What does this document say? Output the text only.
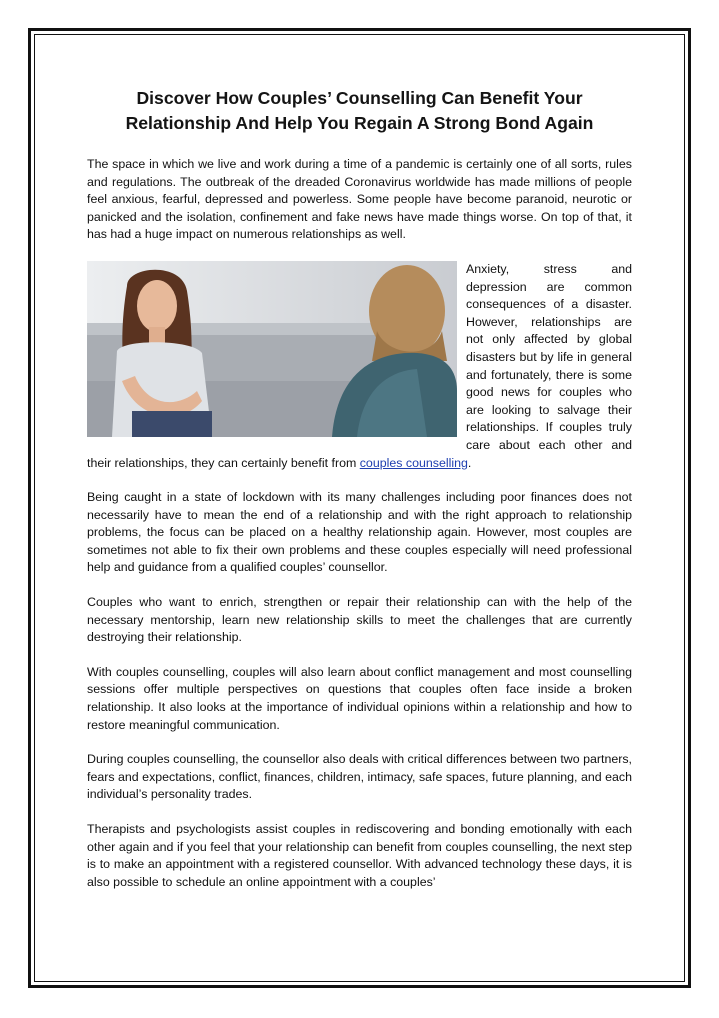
Discover How Couples’ Counselling Can Benefit Your
Relationship And Help You Regain A Strong Bond Again

The space in which we live and work during a time of a pandemic is certainly one of all sorts, rules and regulations. The outbreak of the dreaded Coronavirus worldwide has made millions of people feel anxious, fearful, depressed and powerless. Some people have become paranoid, neurotic or panicked and the isolation, confinement and fake news have made things worse. On top of that, it has had a huge impact on numerous relationships as well.

Anxiety, stress and depression are common consequences of a disaster. However, relationships are not only affected by global disasters but by life in general and fortunately, there is some good news for couples who are looking to salvage their relationships. If couples truly care about each other and their relationships, they can certainly benefit from couples counselling.

Being caught in a state of lockdown with its many challenges including poor finances does not necessarily have to mean the end of a relationship and with the right approach to relationship problems, the focus can be placed on a healthy relationship again. However, most couples are sometimes not able to fix their own problems and these couples especially will need professional help and guidance from a qualified couples’ counsellor.

Couples who want to enrich, strengthen or repair their relationship can with the help of the necessary mentorship, learn new relationship skills to meet the challenges that are currently destroying their relationship.

With couples counselling, couples will also learn about conflict management and most counselling sessions offer multiple perspectives on questions that couples often face inside a broken relationship. It also looks at the importance of individual opinions within a relationship and how to restore meaningful communication.

During couples counselling, the counsellor also deals with critical differences between two partners, fears and expectations, conflict, finances, children, intimacy, safe spaces, future planning, and each individual’s personality trades.

Therapists and psychologists assist couples in rediscovering and bonding emotionally with each other again and if you feel that your relationship can benefit from couples counselling, the next step is to make an appointment with a registered counsellor. With advanced technology these days, it is also possible to schedule an online appointment with a couples’
